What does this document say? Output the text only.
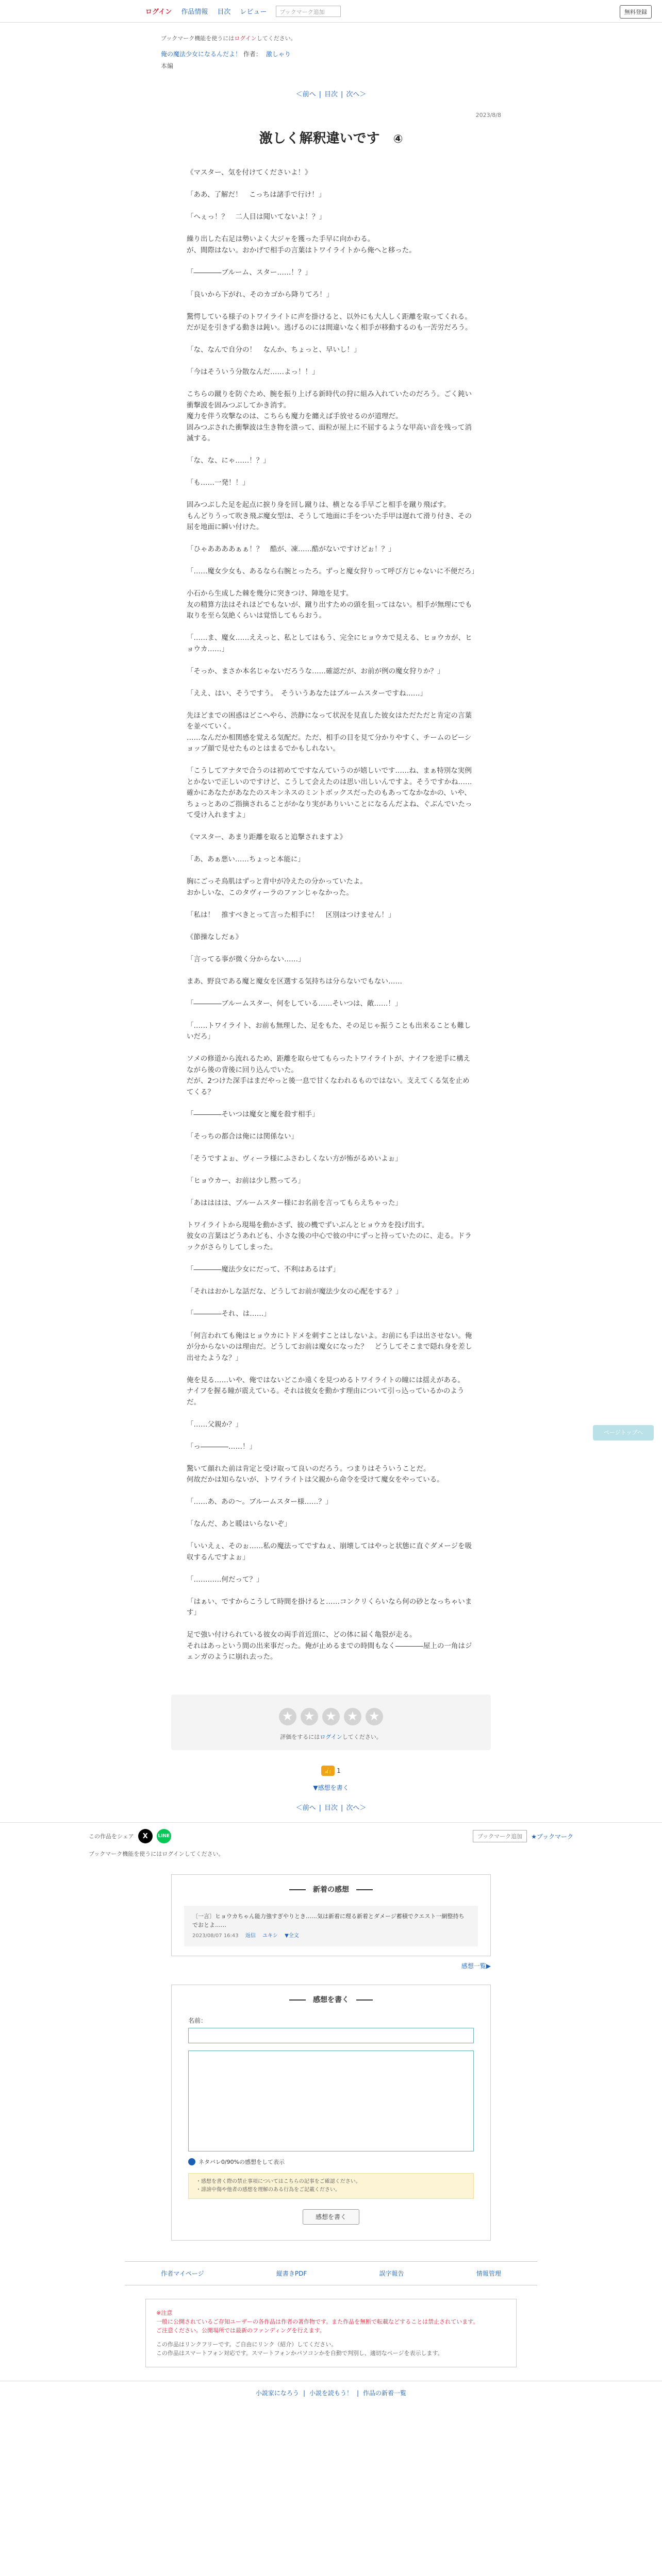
ログイン 作品情報 目次 レビュー	ブックマーク追加	無料登録
ブックマーク機能を使うにはログインしてください。
俺の魔法少女になるんだよ！ 作者： 激しゃり
本編
＜前へ | 目次 | 次へ＞
2023/8/8
激しく解釈違いです ④

《マスター、気を付けてくださいよ！》

「ああ、了解だ！　こっちは諸手で行け！」

「へぇっ！？　二人目は聞いてないよ！？」

繰り出した右足は勢いよく大ジャを獲った手早に向かわる。
が、間際はない。おかげで相手の言葉はトワイライトから俺へと移った。

「――――ブルーム、スター……！？」

「良いから下がれ、そのカゴから降りてろ！」

驚愕している様子のトワイライトに声を掛けると、以外にも大人しく距離を取ってくれる。
だが足を引きずる動きは鈍い。逃げるのには間違いなく相手が移動するのも一苦労だろう。

「な、なんで自分の！　なんか、ちょっと、早いし！」

「今はそういう分散なんだ……よっ！！」

こちらの蹴りを防ぐため、腕を振り上げる新時代の狩に組み入れていたのだろう。ごく鈍い衝撃波を固みつぶしてかき消す。
魔力を伴う攻撃なのは、こちらも魔力を纏えば手放せるのが道理だ。
固みつぶされた衝撃波は生き物を潰って、面粒が屋上に不屈するような甲高い音を残って消滅する。

「な、な、にゃ……！？」

「も……一発！！」

固みつぶした足を起点に捩り身を回し蹴りは、横となる手早ごと相手を蹴り飛ばす。
もんどりうって吹き飛ぶ魔女型は、そうして地面に手をついた手甲は遅れて滑り付き、その屈を地面に瞬い付けた。

「ひゃああああぁぁ！？　酷が、凍……酷がないですけどぉ！？」

「……魔女少女も、あるなら右腕とったろ。ずっと魔女狩りって呼び方じゃないに不便だろ」

小石から生成した棘を幾分に突きつけ、陣地を見す。
友の精算方法はそれほどでもないが、蹴り出すための頭を狙ってはない。相手が無理にでも取りを至ら気絶くらいは覚悟してもらおう。

「……ま、魔女……ええっと、私としてはもう、完全にヒョウカで見える、ヒョウカが、ヒョウカ……」

「そっか、まさか本名じゃないだろうな……確認だが、お前が例の魔女狩りか？」

「ええ、はい、そうですう。　そういうあなたはブルームスターですね……」

先ほどまでの困惑はどこへやら、渋静になって状況を見直した彼女はただただと肯定の言葉を並べていく。
……なんだか相関感を覚える気配だ。ただ、相手の目を見て分かりやすく、チームのビーショップ顔で見せたものとはまるでかもしれない。

「こうしてアナタで合うのは初めてですなんていうのが嬉しいです……ね、まぁ特別な実例とかないで正しいのですけど、こうして会えたのは思い出しいんですよ。そうですかね……確かにあなたがあなたのスキンネスのミントボックスだったのもあってなかなかの、いや、ちょっとあのご指摘されることがかなり実がありいいことになるんだよね、ぐぶんでいたって受け入れますよ」

《マスター、あまり距離を取ると追撃されますよ》

「あ、あぁ悪い……ちょっと本能に」

胸にごっそ鳥肌はずっと背中が冷えたの分かっていたよ。
おかしいな、このタヴィーラのファンじゃなかった。

「私は！　推すべきとって言った相手に！　区別はつけません！」

《節操なしだぁ》

「言ってる事が微く分からない……」

まあ、野良である魔と魔女を区選する気持ちは分らないでもない……

「――――ブルームスター、何をしている……そいつは、敵……！」

「……トワイライト、お前も無理した、足をもた、その足じゃ振うことも出来ることも難しいだろ」

ソメの修道から流れるため、距離を取らせてもらったトワイライトが、ナイフを逆手に構えながら後の背後に回り込んでいた。
だが、2つけた深手はまだやっと後一息で甘くなわれるものではない。支えてくる気を止めてくる？

「――――そいつは魔女と魔を殺す相手」

「そっちの都合は俺には関係ない」

「そうですよぉ、ヴィーラ様にふさわしくない方が怖がるめいよぉ」

「ヒョウカー、お前は少し黙ってろ」

「あはははは、ブルームスター様にお名前を言ってもらえちゃった」

トワイライトから現場を動かさず、彼の機でずいぶんとヒョウカを投げ出す。
彼女の言葉はどうあれども、小さな後の中心で彼の中にずっと持っていたのに、走る。ドラックがさらりしてしまった。

「――――魔法少女にだって、不利はあるはず」

「それはおかしな話だな、どうしてお前が魔法少女の心配をする？」

「――――それ、は……」

「何言われても俺はヒョウカにトドメを刺すことはしないよ。お前にも手は出させない。俺が分からないのは理由だ。どうしてお前は魔女になった？　どうしてそこまで隠れ身を差し出せたような？」

俺を見る……いや、俺ではないどこか遠くを見つめるトワイライトの瞳には揺えがある。
ナイフを握る瞳が震えている。それは彼女を動かす理由について引っ込っているかのようだ。

「……父親か？」

「っ――――……！」

驚いて顔れた前は肯定と受け取って良いのだろう。つまりはそういうことだ。
何故だかは知らないが、トワイライトは父親から命令を受けて魔女をやっている。

「……あ、あの〜。ブルームスター様……？」

「なんだ、あと暖はいらないぞ」

「いいえぇ、そのぉ……私の魔法ってですねぇ、崩壊してはやっと状態に直ぐダメージを吸収するんですよぉ」

「…………何だって？」

「はぁい、ですからこうして時間を掛けると……コンクリくらいなら何の砂となっちゃいます」

足で強い付けられている彼女の両手首近頂に、どの体に届く亀裂が走る。
それはあっという間の出来事だった。俺が止めるまでの時間もなく――――屋上の一角はジェンガのように崩れ去った。

★
★
★
★
★
評価をするにはログインしてください。
👍 1
▼感想を書く
＜前へ | 目次 | 次へ＞
この作品をシェア	X	LINE	ブックマーク追加	★ブックマーク
ブックマーク機能を使うにはログインしてください。
新着の感想
〔一言〕ヒョウカちゃん能力強すぎやりとき……気は新着に理る新着とダメージ蓄積でクエスト一網整持ちでおとよ……
2023/08/07 16:43 返信 ユキシ ▼全文
感想一覧▶
感想を書く
名前：
ネタバレ0/90%の感想をして表示
・感想を書く際の禁止事項についてはこちらの記事をご確認ください。
・誹謗中傷や他者の感想を理解のある行為をご記載ください。
感想を書く
作者マイページ	縦書きPDF	誤字報告	情報管理
※注意
一般に公開されているご存知ユーザーの各作品は作者の著作物です。また作品を無断で転載などすることは禁止されています。
ご注意ください。公開場所では最新のファンディングを行えます。
この作品はリンクフリーです。ご自由にリンク（紹介）してください。
この作品はスマートフォン対応です。スマートフォンかパソコンかを自動で判別し、適切なページを表示します。
小説家になろう | 小説を読もう！ | 作品の新着一覧
ページトップへ
